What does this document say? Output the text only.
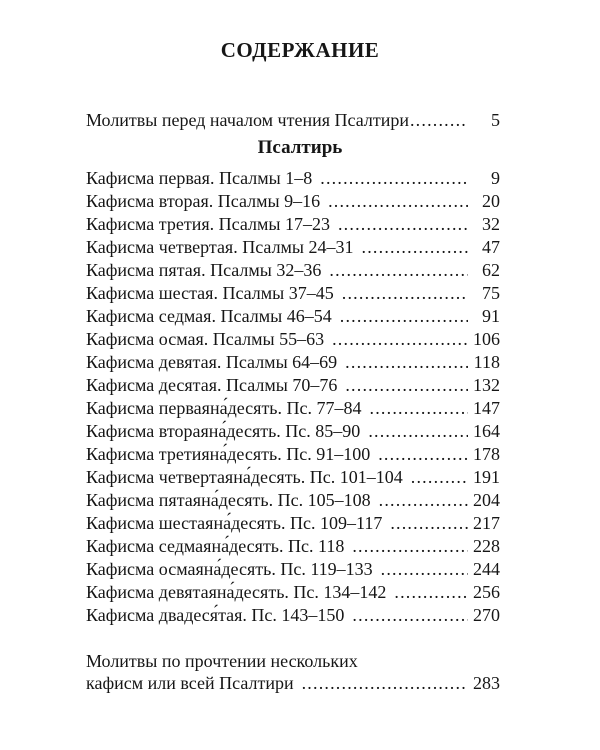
СОДЕРЖАНИЕ
Молитвы перед началом чтения Псалтири .....	5
Псалтирь
Кафисма первая. Псалмы 1–8 .....	9
Кафисма вторая. Псалмы 9–16 .....	20
Кафисма третия. Псалмы 17–23 .....	32
Кафисма четвертая. Псалмы 24–31 .....	47
Кафисма пятая. Псалмы 32–36 .....	62
Кафисма шестая. Псалмы 37–45 .....	75
Кафисма седмая. Псалмы 46–54 .....	91
Кафисма осмая. Псалмы 55–63 .....	106
Кафисма девятая. Псалмы 64–69 .....	118
Кафисма десятая. Псалмы 70–76 .....	132
Кафисма перваяна́десять. Пс. 77–84 .....	147
Кафисма втораяна́десять. Пс. 85–90 .....	164
Кафисма третияна́десять. Пс. 91–100 .....	178
Кафисма четвертаяна́десять. Пс. 101–104 .....	191
Кафисма пятаяна́десять. Пс. 105–108 .....	204
Кафисма шестаяна́десять. Пс. 109–117 .....	217
Кафисма седмаяна́десять. Пс. 118 .....	228
Кафисма осмаяна́десять. Пс. 119–133 .....	244
Кафисма девятаяна́десять. Пс. 134–142 .....	256
Кафисма двадеся́тая. Пс. 143–150 .....	270
Молитвы по прочтении нескольких
кафисм или всей Псалтири .....	283
